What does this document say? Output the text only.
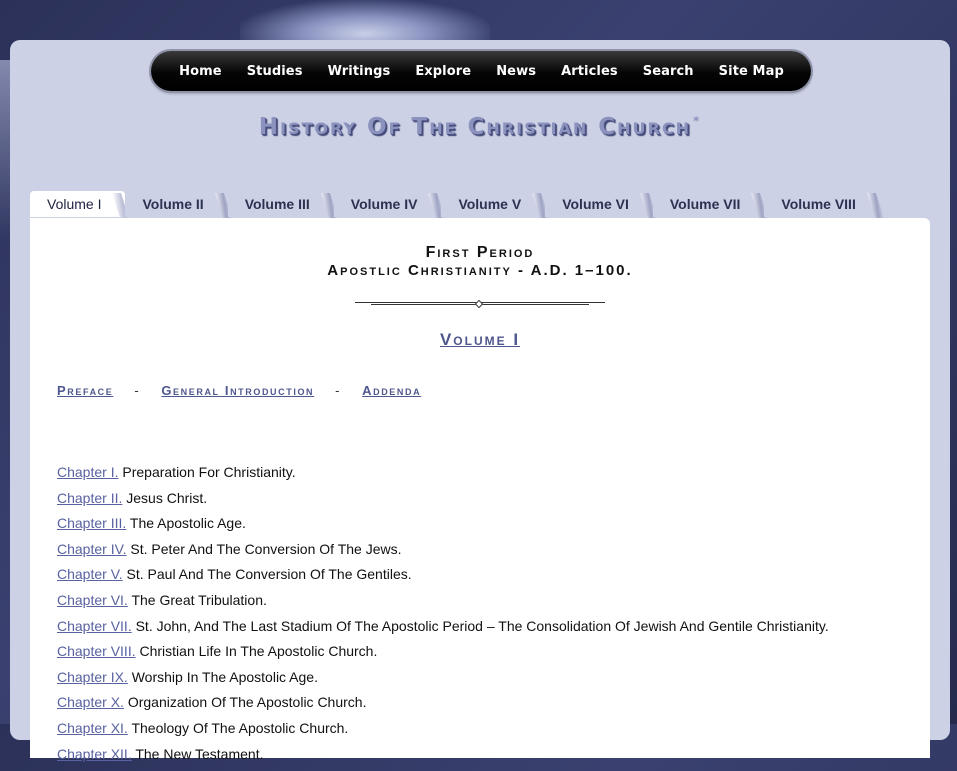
Home	Studies	Writings	Explore	News	Articles	Search	Site Map
History Of The Christian Church *
Volume I	Volume II	Volume III	Volume IV	Volume V	Volume VI	Volume VII	Volume VIII
First Period
Apostlic Christianity - A.D. 1–100.
Volume I
Preface - General Introduction - Addenda
Chapter I. Preparation For Christianity.
Chapter II. Jesus Christ.
Chapter III. The Apostolic Age.
Chapter IV. St. Peter And The Conversion Of The Jews.
Chapter V. St. Paul And The Conversion Of The Gentiles.
Chapter VI. The Great Tribulation.
Chapter VII. St. John, And The Last Stadium Of The Apostolic Period – The Consolidation Of Jewish And Gentile Christianity.
Chapter VIII. Christian Life In The Apostolic Church.
Chapter IX. Worship In The Apostolic Age.
Chapter X. Organization Of The Apostolic Church.
Chapter XI. Theology Of The Apostolic Church.
Chapter XII. The New Testament.
